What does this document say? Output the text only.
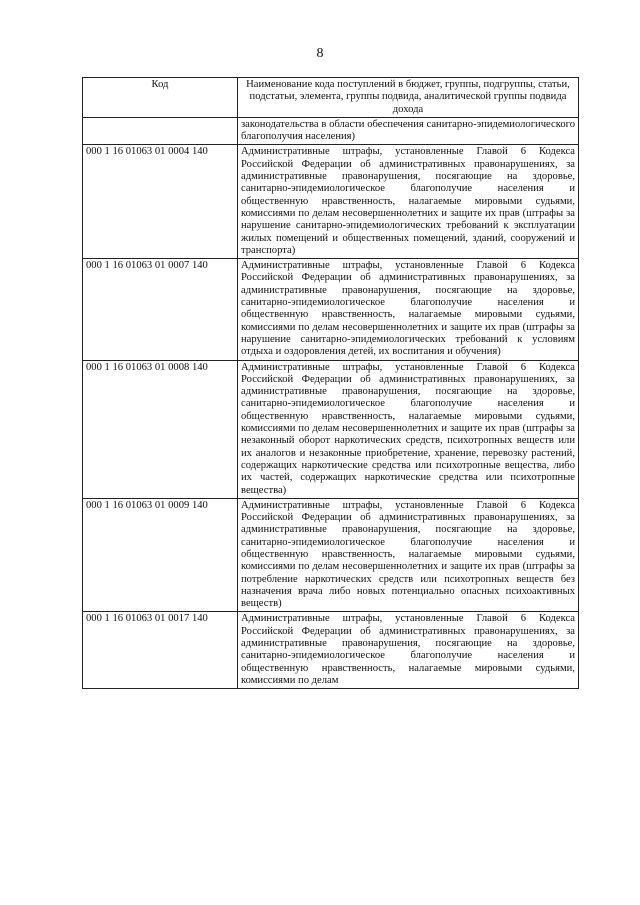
8
Код	Наименование кода поступлений в бюджет, группы, подгруппы, статьи, подстатьи, элемента, группы подвида, аналитической группы подвида дохода
	законодательства в области обеспечения санитарно-эпидемиологического благополучия населения)
000 1 16 01063 01 0004 140	Административные штрафы, установленные Главой 6 Кодекса Российской Федерации об административных правонарушениях, за административные правонарушения, посягающие на здоровье, санитарно-эпидемиологическое благополучие населения и общественную нравственность, налагаемые мировыми судьями, комиссиями по делам несовершеннолетних и защите их прав (штрафы за нарушение санитарно-эпидемиологических требований к эксплуатации жилых помещений и общественных помещений, зданий, сооружений и транспорта)
000 1 16 01063 01 0007 140	Административные штрафы, установленные Главой 6 Кодекса Российской Федерации об административных правонарушениях, за административные правонарушения, посягающие на здоровье, санитарно-эпидемиологическое благополучие населения и общественную нравственность, налагаемые мировыми судьями, комиссиями по делам несовершеннолетних и защите их прав (штрафы за нарушение санитарно-эпидемиологических требований к условиям отдыха и оздоровления детей, их воспитания и обучения)
000 1 16 01063 01 0008 140	Административные штрафы, установленные Главой 6 Кодекса Российской Федерации об административных правонарушениях, за административные правонарушения, посягающие на здоровье, санитарно-эпидемиологическое благополучие населения и общественную нравственность, налагаемые мировыми судьями, комиссиями по делам несовершеннолетних и защите их прав (штрафы за незаконный оборот наркотических средств, психотропных веществ или их аналогов и незаконные приобретение, хранение, перевозку растений, содержащих наркотические средства или психотропные вещества, либо их частей, содержащих наркотические средства или психотропные вещества)
000 1 16 01063 01 0009 140	Административные штрафы, установленные Главой 6 Кодекса Российской Федерации об административных правонарушениях, за административные правонарушения, посягающие на здоровье, санитарно-эпидемиологическое благополучие населения и общественную нравственность, налагаемые мировыми судьями, комиссиями по делам несовершеннолетних и защите их прав (штрафы за потребление наркотических средств или психотропных веществ без назначения врача либо новых потенциально опасных психоактивных веществ)
000 1 16 01063 01 0017 140	Административные штрафы, установленные Главой 6 Кодекса Российской Федерации об административных правонарушениях, за административные правонарушения, посягающие на здоровье, санитарно-эпидемиологическое благополучие населения и общественную нравственность, налагаемые мировыми судьями, комиссиями по делам
